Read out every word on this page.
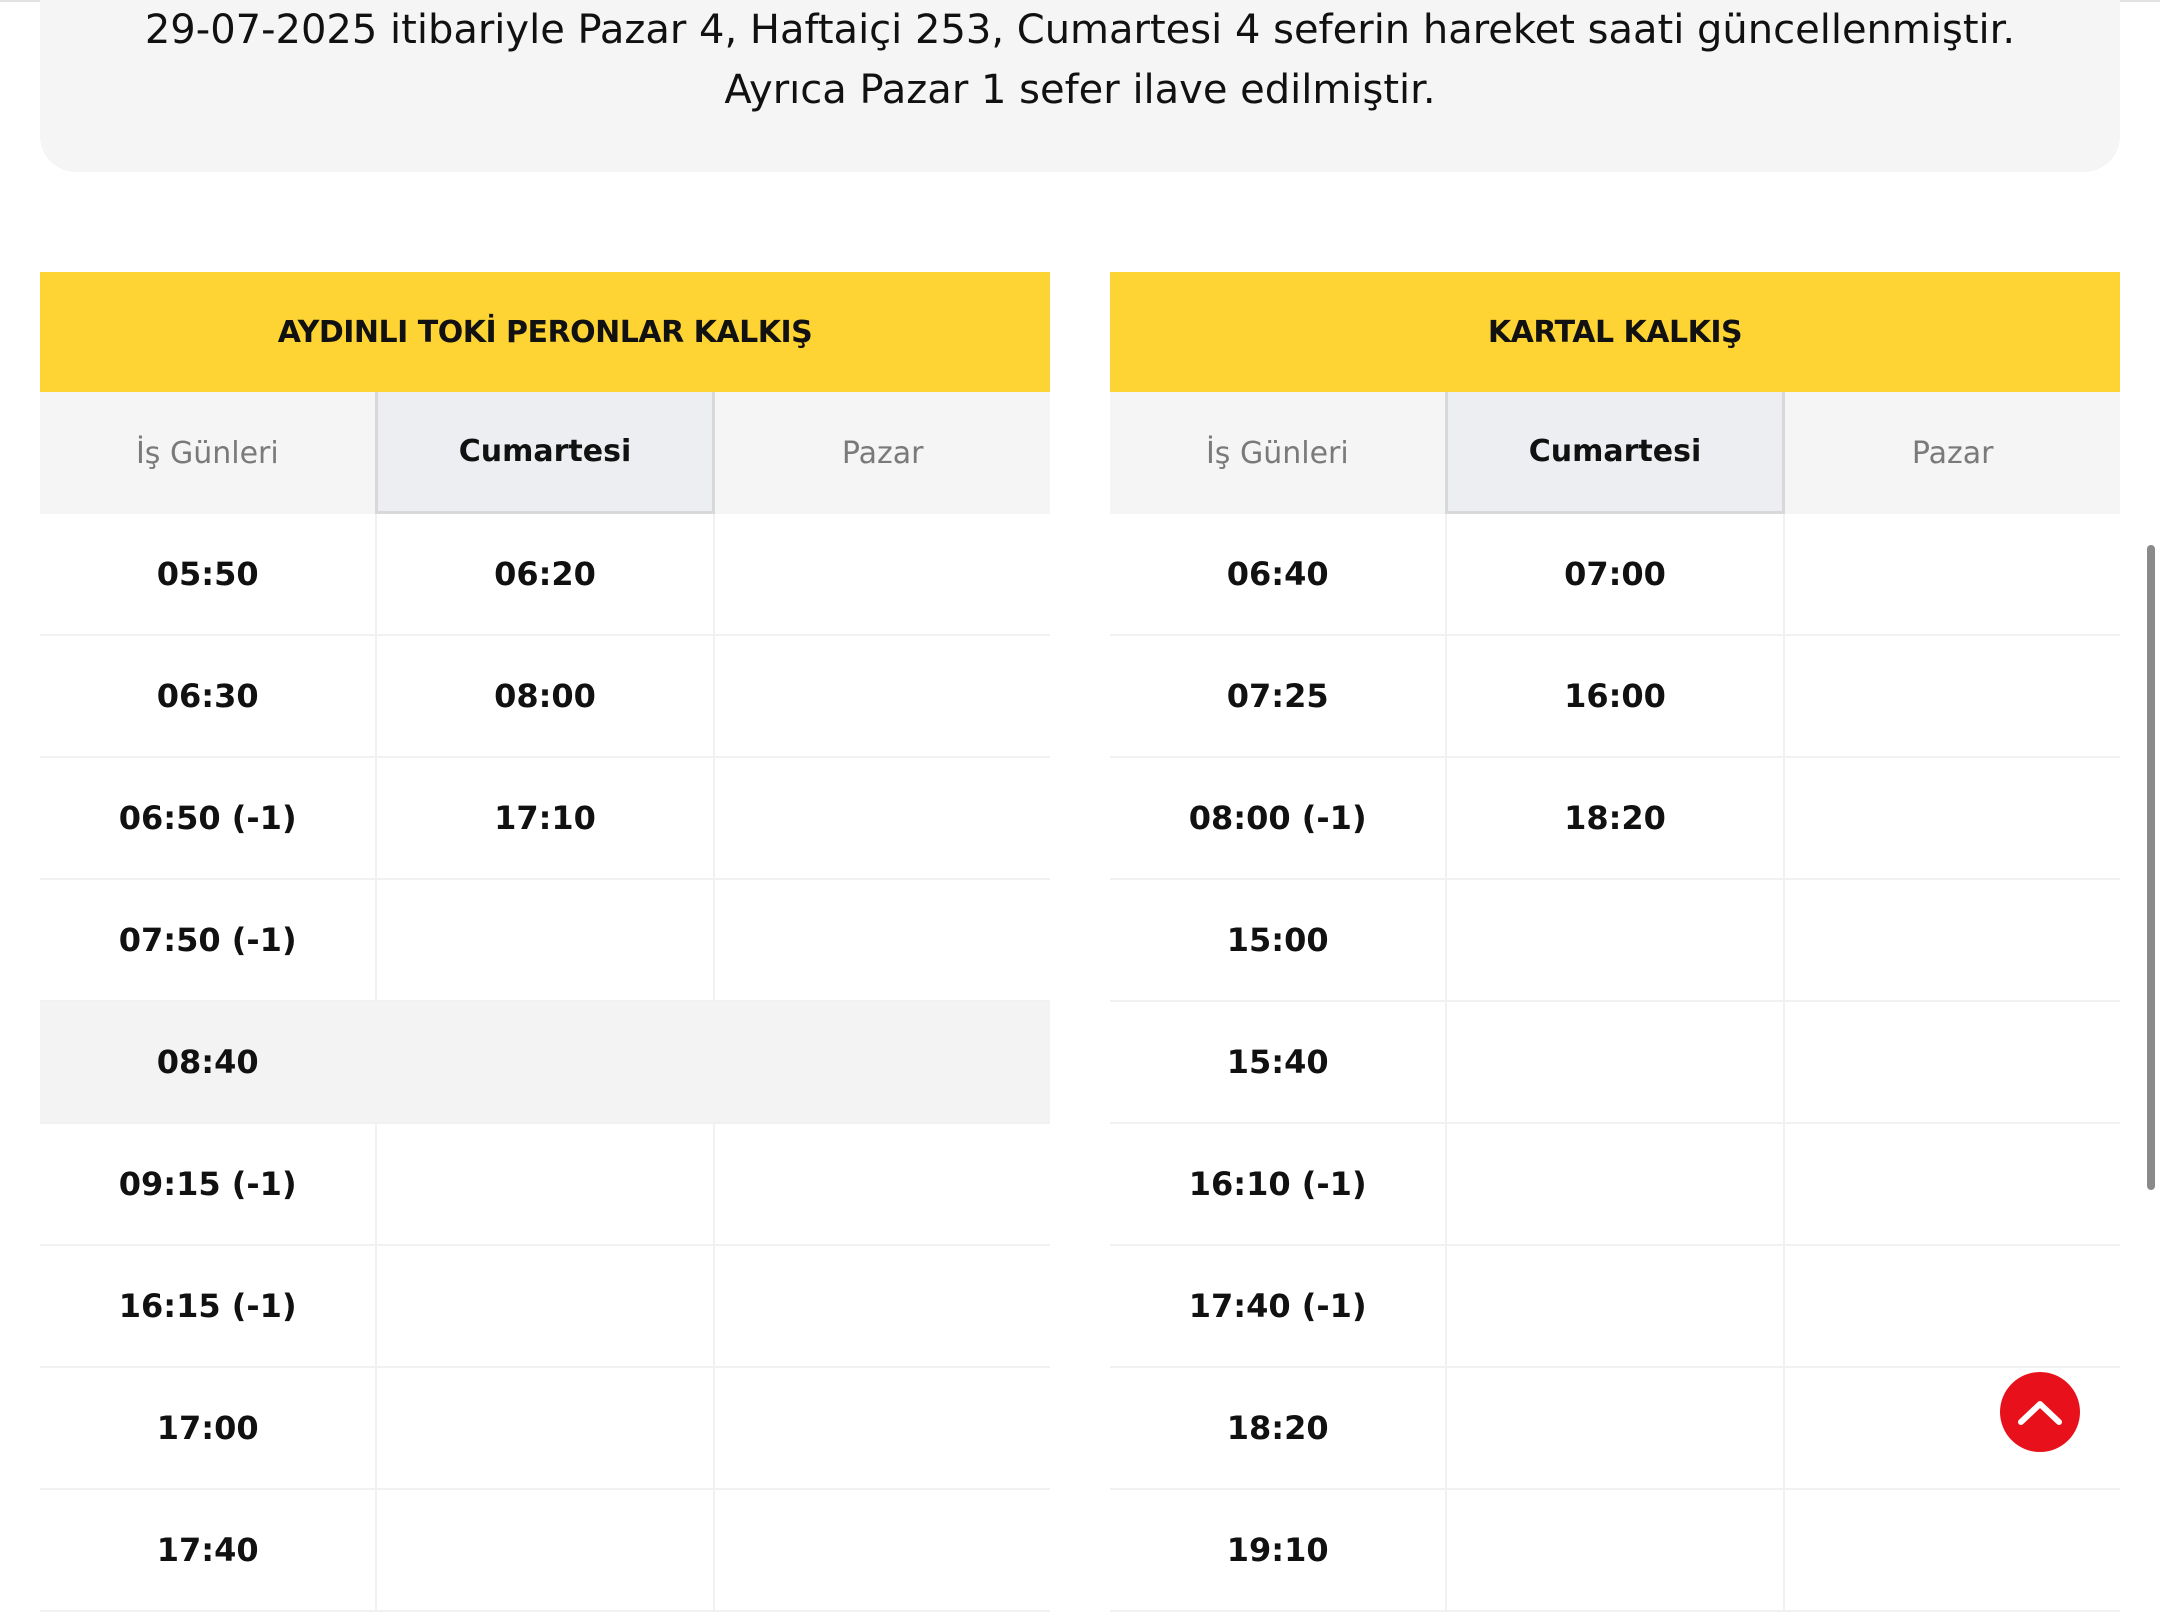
29-07-2025 itibariyle Pazar 4, Haftaiçi 253, Cumartesi 4 seferin hareket saati güncellenmiştir. Ayrıca Pazar 1 sefer ilave edilmiştir.

AYDINLI TOKİ PERONLAR KALKIŞ
İş Günleri	Cumartesi	Pazar
05:50	06:20
06:30	08:00
06:50 (-1)	17:10
07:50 (-1)
08:40
09:15 (-1)
16:15 (-1)
17:00
17:40
KARTAL KALKIŞ
İş Günleri	Cumartesi	Pazar
06:40	07:00
07:25	16:00
08:00 (-1)	18:20
15:00
15:40
16:10 (-1)
17:40 (-1)
18:20
19:10
